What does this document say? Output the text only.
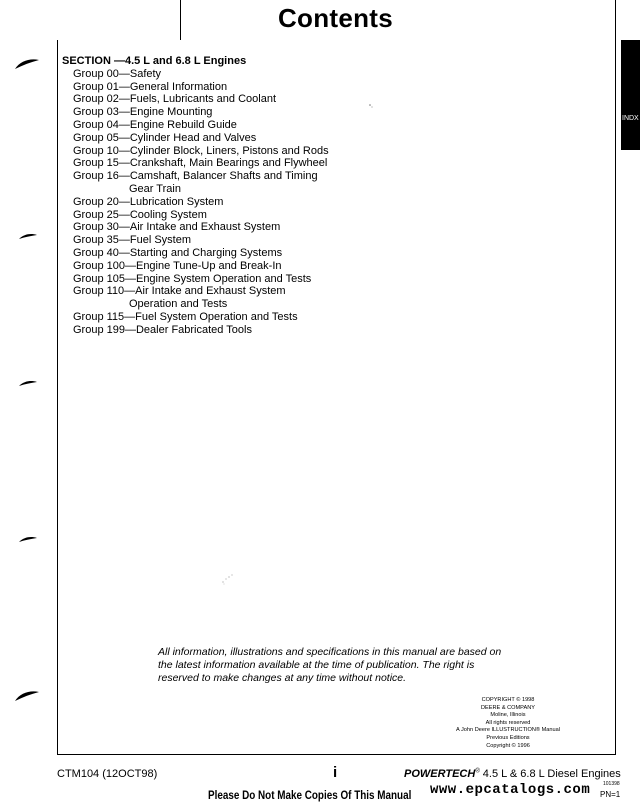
Contents
INDX
SECTION —4.5 L and 6.8 L Engines
Group 00—Safety
Group 01—General Information
Group 02—Fuels, Lubricants and Coolant
Group 03—Engine Mounting
Group 04—Engine Rebuild Guide
Group 05—Cylinder Head and Valves
Group 10—Cylinder Block, Liners, Pistons and Rods
Group 15—Crankshaft, Main Bearings and Flywheel
Group 16—Camshaft, Balancer Shafts and Timing
Gear Train
Group 20—Lubrication System
Group 25—Cooling System
Group 30—Air Intake and Exhaust System
Group 35—Fuel System
Group 40—Starting and Charging Systems
Group 100—Engine Tune-Up and Break-In
Group 105—Engine System Operation and Tests
Group 110—Air Intake and Exhaust System
Operation and Tests
Group 115—Fuel System Operation and Tests
Group 199—Dealer Fabricated Tools
All information, illustrations and specifications in this manual are based on
the latest information available at the time of publication. The right is
reserved to make changes at any time without notice.
COPYRIGHT © 1998
DEERE & COMPANY
Moline, Illinois
All rights reserved
A John Deere ILLUSTRUCTION® Manual
Previous Editions
Copyright © 1996
CTM104 (12OCT98)	i	POWERTECH® 4.5 L & 6.8 L Diesel Engines
101398
PN=1
Please Do Not Make Copies Of This Manual www.epcatalogs.com
